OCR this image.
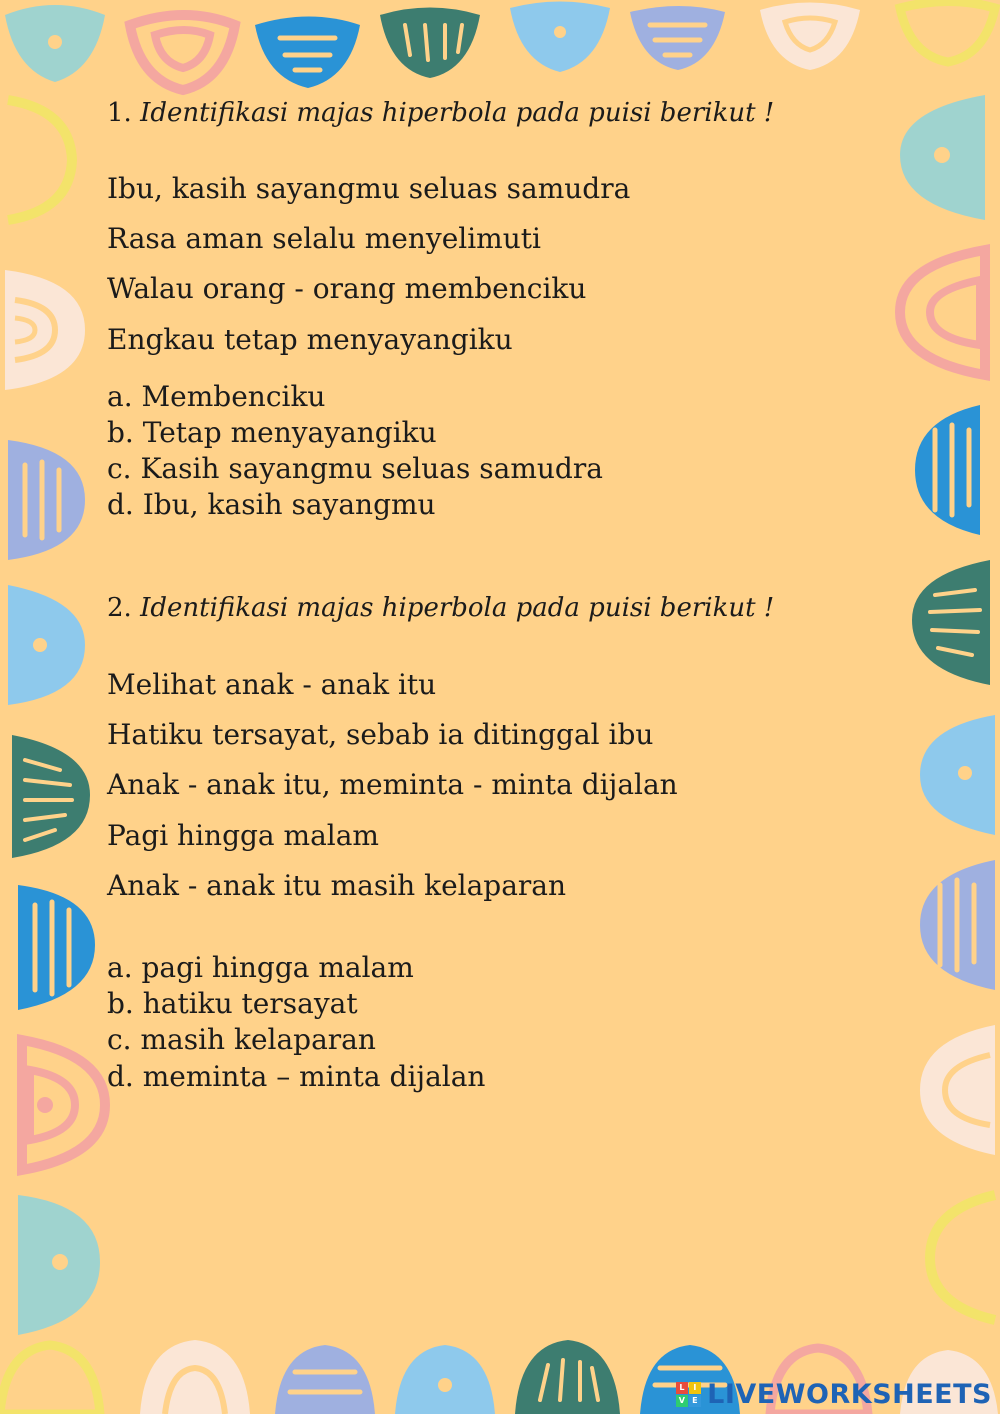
1. Identifikasi majas hiperbola pada puisi berikut !
Ibu, kasih sayangmu seluas samudra
Rasa aman selalu menyelimuti
Walau orang - orang membenciku
Engkau tetap menyayangiku
a. Membenciku
b. Tetap menyayangiku
c. Kasih sayangmu seluas samudra
d. Ibu, kasih sayangmu
2. Identifikasi majas hiperbola pada puisi berikut !
Melihat anak - anak itu
Hatiku tersayat, sebab ia ditinggal ibu
Anak - anak itu, meminta - minta dijalan
Pagi hingga malam
Anak - anak itu masih kelaparan
a. pagi hingga malam
b. hatiku tersayat
c. masih kelaparan
d. meminta – minta dijalan
L	I
V E LIVEWORKSHEETS
